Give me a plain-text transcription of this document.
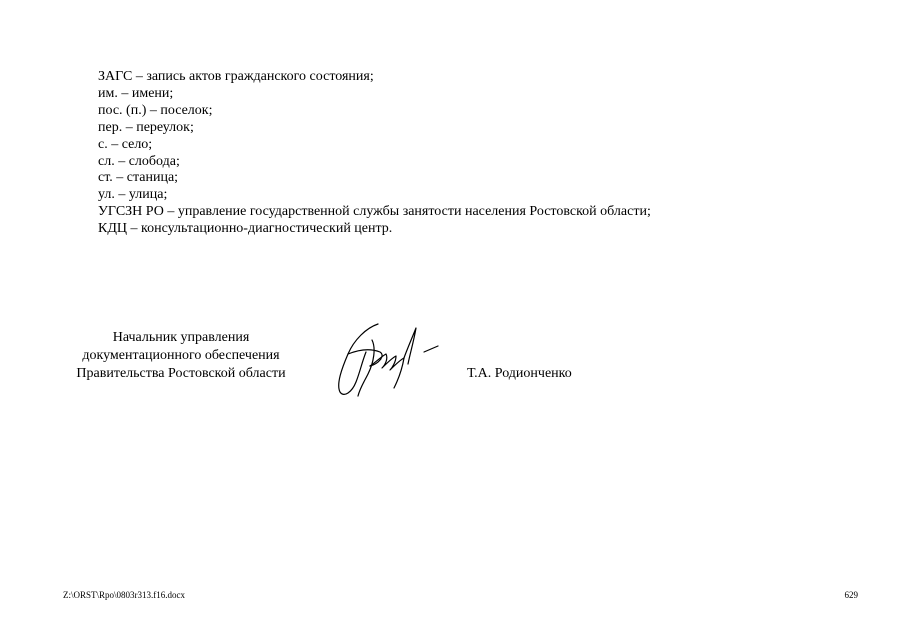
ЗАГС – запись актов гражданского состояния;
им. – имени;
пос. (п.) – поселок;
пер. – переулок;
с. – село;
сл. – слобода;
ст. – станица;
ул. – улица;
УГСЗН РО – управление государственной службы занятости населения Ростовской области;
КДЦ – консультационно-диагностический центр.
Начальник управления
документационного обеспечения
Правительства Ростовской области	Т.А. Родионченко
Z:\ORST\Rpo\0803r313.f16.docx	629
